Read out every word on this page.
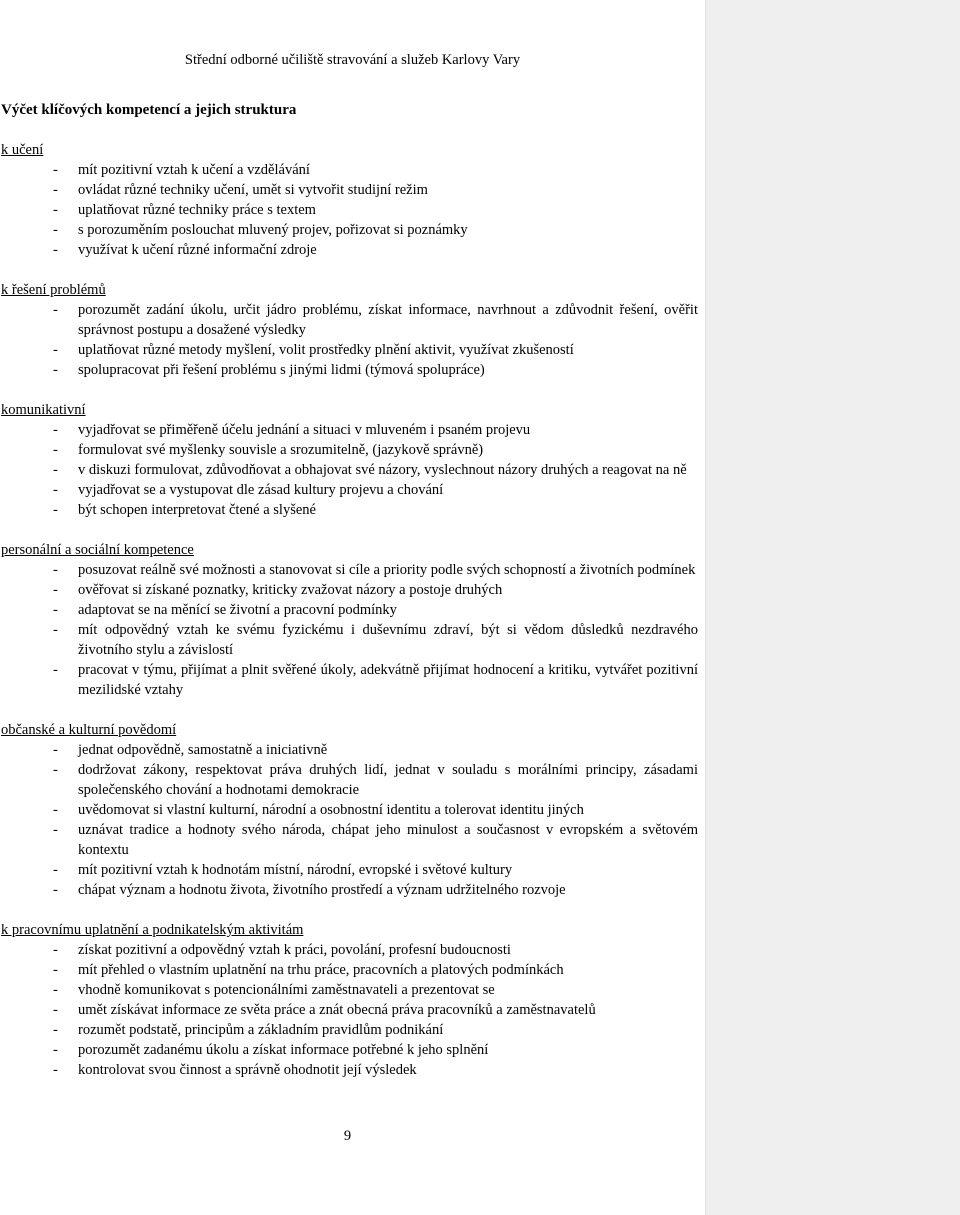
Střední odborné učiliště stravování a služeb Karlovy Vary
Výčet klíčových kompetencí a jejich struktura
k učení
- mít pozitivní vztah k učení a vzdělávání
- ovládat různé techniky učení, umět si vytvořit studijní režim
- uplatňovat různé techniky práce s textem
- s porozuměním poslouchat mluvený projev, pořizovat si poznámky
- využívat k učení různé informační zdroje
k řešení problémů
- porozumět zadání úkolu, určit jádro problému, získat informace, navrhnout a zdůvodnit řešení, ověřit správnost postupu a dosažené výsledky
- uplatňovat různé metody myšlení, volit prostředky plnění aktivit, využívat zkušeností
- spolupracovat při řešení problému s jinými lidmi (týmová spolupráce)
komunikativní
- vyjadřovat se přiměřeně účelu jednání a situaci v mluveném i psaném projevu
- formulovat své myšlenky souvisle a srozumitelně, (jazykově správně)
- v diskuzi formulovat, zdůvodňovat a obhajovat své názory, vyslechnout názory druhých a reagovat na ně
- vyjadřovat se a vystupovat dle zásad kultury projevu a chování
- být schopen interpretovat čtené a slyšené
personální a sociální kompetence
- posuzovat reálně své možnosti a stanovovat si cíle a priority podle svých schopností a životních podmínek
- ověřovat si získané poznatky, kriticky zvažovat názory a postoje druhých
- adaptovat se na měnící se životní a pracovní podmínky
- mít odpovědný vztah ke svému fyzickému i duševnímu zdraví, být si vědom důsledků nezdravého životního stylu a závislostí
- pracovat v týmu, přijímat a plnit svěřené úkoly, adekvátně přijímat hodnocení a kritiku, vytvářet pozitivní mezilidské vztahy
občanské a kulturní povědomí
- jednat odpovědně, samostatně a iniciativně
- dodržovat zákony, respektovat práva druhých lidí, jednat v souladu s morálními principy, zásadami společenského chování a hodnotami demokracie
- uvědomovat si vlastní kulturní, národní a osobnostní identitu a tolerovat identitu jiných
- uznávat tradice a hodnoty svého národa, chápat jeho minulost a současnost v evropském a světovém kontextu
- mít pozitivní vztah k hodnotám místní, národní, evropské i světové kultury
- chápat význam a hodnotu života, životního prostředí a význam udržitelného rozvoje
k pracovnímu uplatnění a podnikatelským aktivitám
- získat pozitivní a odpovědný vztah k práci, povolání, profesní budoucnosti
- mít přehled o vlastním uplatnění na trhu práce, pracovních a platových podmínkách
- vhodně komunikovat s potencionálními zaměstnavateli a prezentovat se
- umět získávat informace ze světa práce a znát obecná práva pracovníků a zaměstnavatelů
- rozumět podstatě, principům a základním pravidlům podnikání
- porozumět zadanému úkolu a získat informace potřebné k jeho splnění
- kontrolovat svou činnost a správně ohodnotit její výsledek
9
